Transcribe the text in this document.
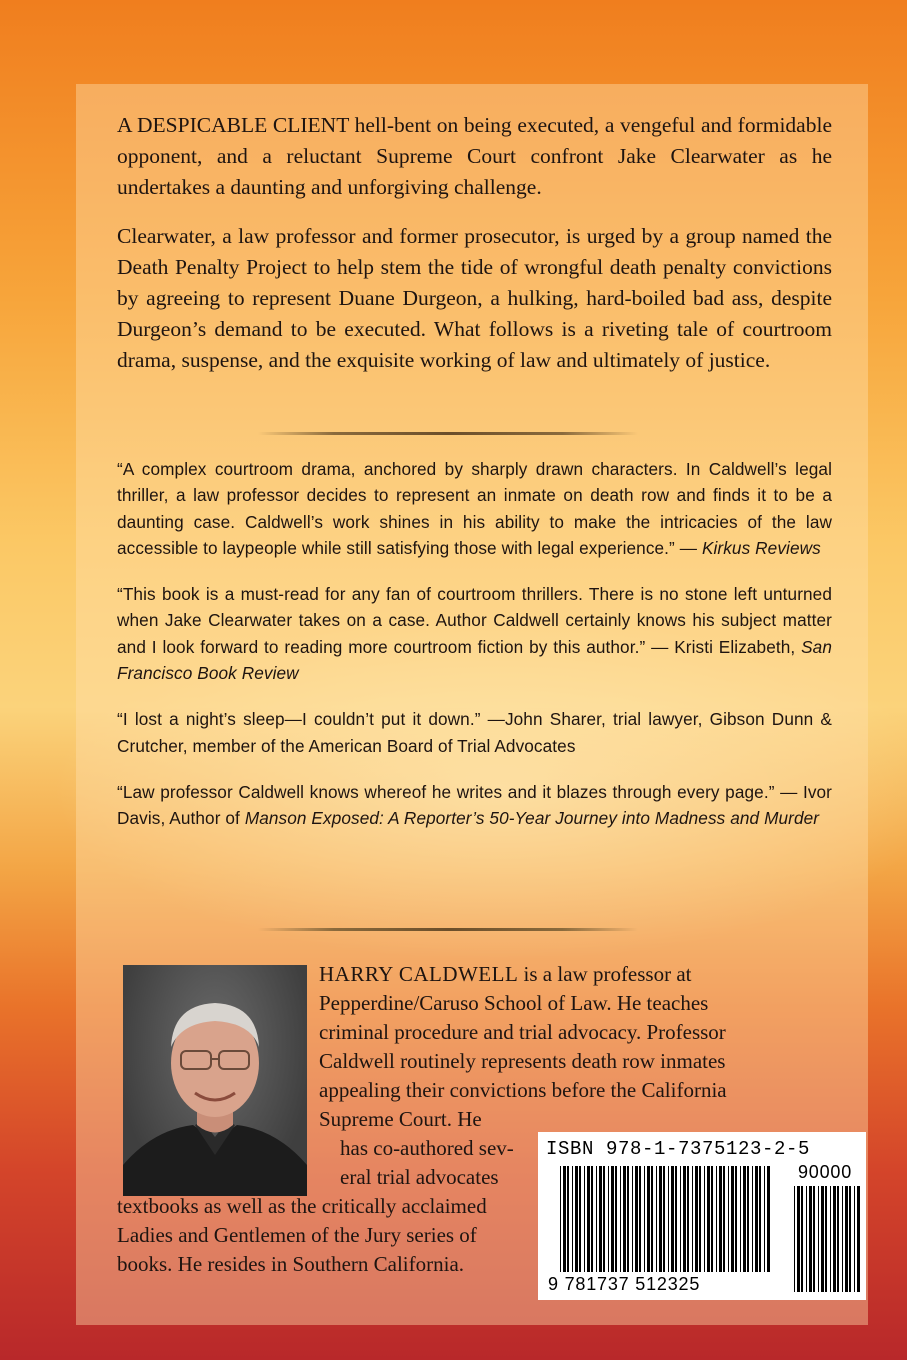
A DESPICABLE CLIENT hell-bent on being executed, a vengeful and formidable opponent, and a reluctant Supreme Court confront Jake Clearwater as he undertakes a daunting and unforgiving challenge.

Clearwater, a law professor and former prosecutor, is urged by a group named the Death Penalty Project to help stem the tide of wrongful death penalty convictions by agreeing to represent Duane Durgeon, a hulking, hard-boiled bad ass, despite Durgeon’s demand to be executed. What follows is a riveting tale of courtroom drama, suspense, and the exquisite working of law and ultimately of justice.

“A complex courtroom drama, anchored by sharply drawn characters. In Caldwell’s legal thriller, a law professor decides to represent an inmate on death row and finds it to be a daunting case. Caldwell’s work shines in his ability to make the intricacies of the law accessible to laypeople while still satisfying those with legal experience.” — Kirkus Reviews

“This book is a must-read for any fan of courtroom thrillers. There is no stone left unturned when Jake Clearwater takes on a case. Author Caldwell certainly knows his subject matter and I look forward to reading more courtroom fiction by this author.” — Kristi Elizabeth, San Francisco Book Review

“I lost a night’s sleep—I couldn’t put it down.” —John Sharer, trial lawyer, Gibson Dunn & Crutcher, member of the American Board of Trial Advocates

“Law professor Caldwell knows whereof he writes and it blazes through every page.” — Ivor Davis, Author of Manson Exposed: A Reporter’s 50-Year Journey into Madness and Murder

HARRY CALDWELL is a law professor at
Pepperdine/Caruso School of Law. He teaches
criminal procedure and trial advocacy. Professor
Caldwell routinely represents death row inmates
appealing their convictions before the California
Supreme Court. He
has co-authored sev-
eral trial advocates
textbooks as well as the critically acclaimed
Ladies and Gentlemen of the Jury series of
books. He resides in Southern California.
ISBN 978-1-7375123-2-5
90000
9 781737 512325
